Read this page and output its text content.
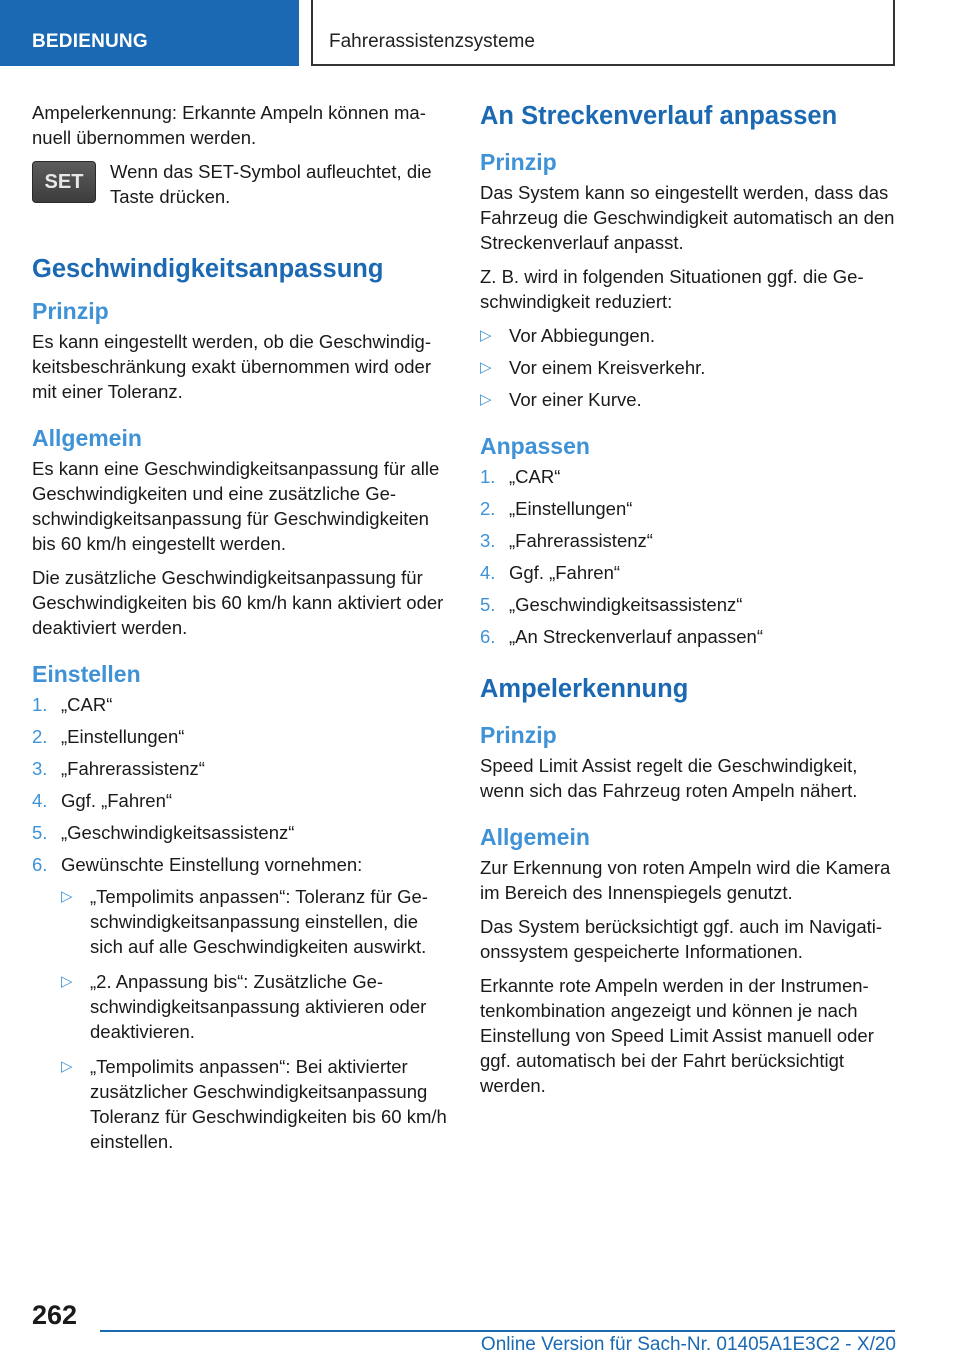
BEDIENUNG	Fahrerassistenzsysteme

Ampelerkennung: Erkannte Ampeln können manuell übernommen werden.

SET	Wenn das SET-Symbol aufleuchtet, die Taste drücken.

Geschwindigkeitsanpassung
Prinzip

Es kann eingestellt werden, ob die Geschwindigkeitsbeschränkung exakt übernommen wird oder mit einer Toleranz.

Allgemein

Es kann eine Geschwindigkeitsanpassung für alle Geschwindigkeiten und eine zusätzliche Geschwindigkeitsanpassung für Geschwindigkeiten bis 60 km/h eingestellt werden.

Die zusätzliche Geschwindigkeitsanpassung für Geschwindigkeiten bis 60 km/h kann aktiviert oder deaktiviert werden.

Einstellen
1. „CAR“
2. „Einstellungen“
3. „Fahrerassistenz“
4. Ggf. „Fahren“
5. „Geschwindigkeitsassistenz“
6. Gewünschte Einstellung vornehmen:
▷ „Tempolimits anpassen“: Toleranz für Geschwindigkeitsanpassung einstellen, die sich auf alle Geschwindigkeiten auswirkt.
▷ „2. Anpassung bis“: Zusätzliche Geschwindigkeitsanpassung aktivieren oder deaktivieren.
▷ „Tempolimits anpassen“: Bei aktivierter zusätzlicher Geschwindigkeitsanpassung Toleranz für Geschwindigkeiten bis 60 km/h einstellen.
An Streckenverlauf anpassen
Prinzip

Das System kann so eingestellt werden, dass das Fahrzeug die Geschwindigkeit automatisch an den Streckenverlauf anpasst.

Z. B. wird in folgenden Situationen ggf. die Geschwindigkeit reduziert:

▷ Vor Abbiegungen.
▷ Vor einem Kreisverkehr.
▷ Vor einer Kurve.
Anpassen
1. „CAR“
2. „Einstellungen“
3. „Fahrerassistenz“
4. Ggf. „Fahren“
5. „Geschwindigkeitsassistenz“
6. „An Streckenverlauf anpassen“
Ampelerkennung
Prinzip

Speed Limit Assist regelt die Geschwindigkeit, wenn sich das Fahrzeug roten Ampeln nähert.

Allgemein

Zur Erkennung von roten Ampeln wird die Kamera im Bereich des Innenspiegels genutzt.

Das System berücksichtigt ggf. auch im Navigationssystem gespeicherte Informationen.

Erkannte rote Ampeln werden in der Instrumentenkombination angezeigt und können je nach Einstellung von Speed Limit Assist manuell oder ggf. automatisch bei der Fahrt berücksichtigt werden.

262
Online Version für Sach-Nr. 01405A1E3C2 - X/20
